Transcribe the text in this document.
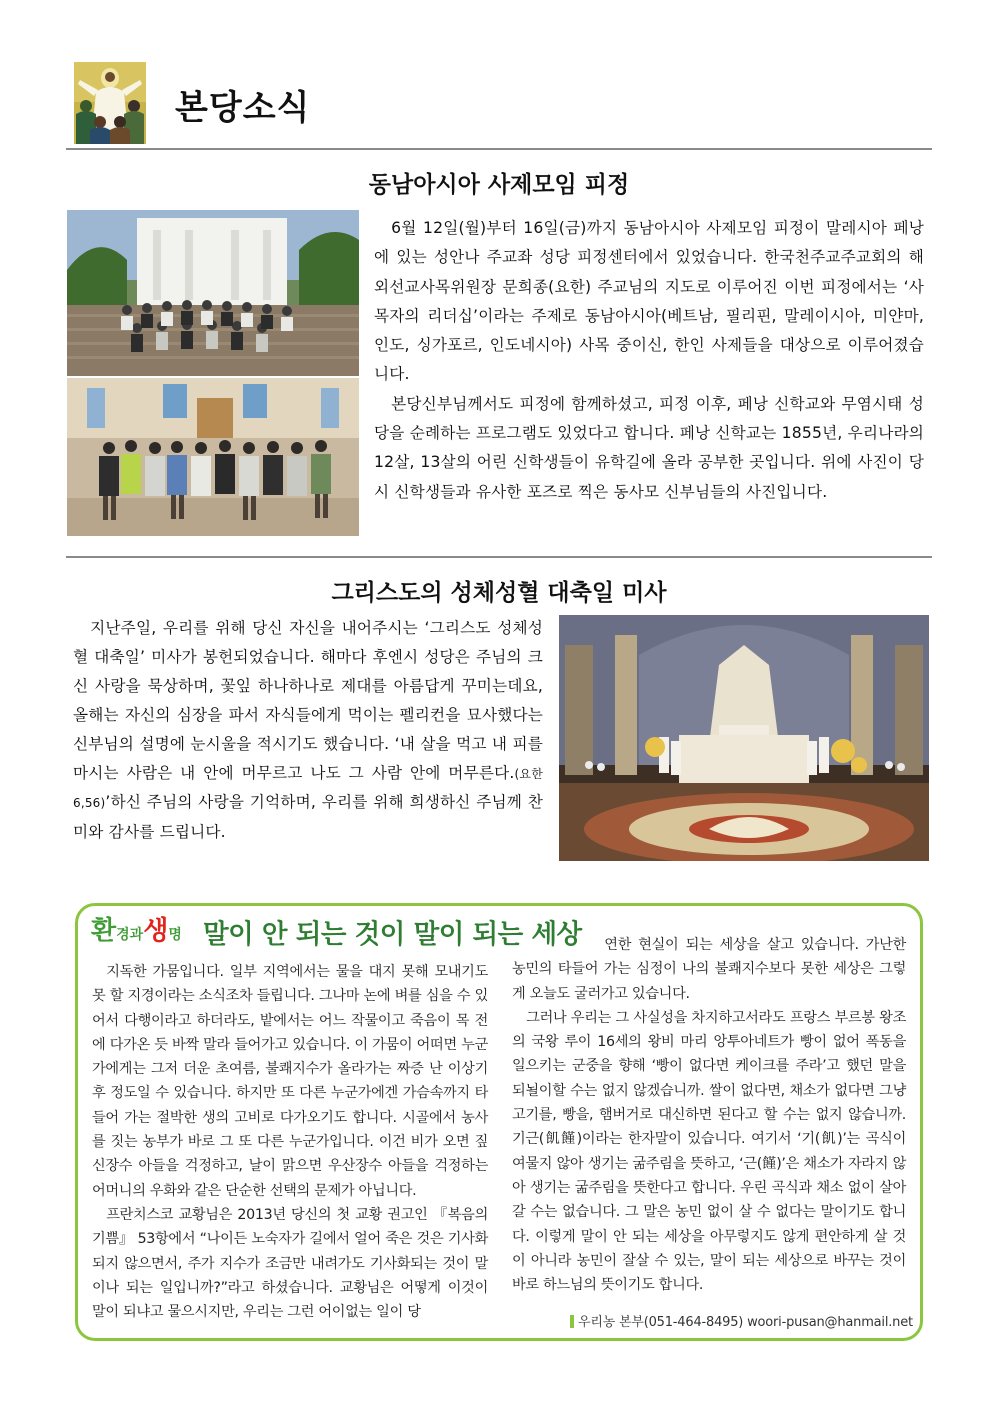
본당소식
동남아시아 사제모임 피정

6월 12일(월)부터 16일(금)까지 동남아시아 사제모임 피정이 말레시아 페낭에 있는 성안나 주교좌 성당 피정센터에서 있었습니다. 한국천주교주교회의 해외선교사목위원장 문희종(요한) 주교님의 지도로 이루어진 이번 피정에서는 ‘사목자의 리더십’이라는 주제로 동남아시아(베트남, 필리핀, 말레이시아, 미얀마, 인도, 싱가포르, 인도네시아) 사목 중이신, 한인 사제들을 대상으로 이루어졌습니다.

본당신부님께서도 피정에 함께하셨고, 피정 이후, 페낭 신학교와 무염시태 성당을 순례하는 프로그램도 있었다고 합니다. 페낭 신학교는 1855년, 우리나라의 12살, 13살의 어린 신학생들이 유학길에 올라 공부한 곳입니다. 위에 사진이 당시 신학생들과 유사한 포즈로 찍은 동사모 신부님들의 사진입니다.

그리스도의 성체성혈 대축일 미사

지난주일, 우리를 위해 당신 자신을 내어주시는 ‘그리스도 성체성혈 대축일’ 미사가 봉헌되었습니다. 해마다 후엔시 성당은 주님의 크신 사랑을 묵상하며, 꽃잎 하나하나로 제대를 아름답게 꾸미는데요, 올해는 자신의 심장을 파서 자식들에게 먹이는 펠리컨을 묘사했다는 신부님의 설명에 눈시울을 적시기도 했습니다. ‘내 살을 먹고 내 피를 마시는 사람은 내 안에 머무르고 나도 그 사람 안에 머무른다.(요한 6,56)’하신 주님의 사랑을 기억하며, 우리를 위해 희생하신 주님께 찬미와 감사를 드립니다.

환경과생명 말이 안 되는 것이 말이 되는 세상

지독한 가뭄입니다. 일부 지역에서는 물을 대지 못해 모내기도 못 할 지경이라는 소식조차 들립니다. 그나마 논에 벼를 심을 수 있어서 다행이라고 하더라도, 밭에서는 어느 작물이고 죽음이 목 전에 다가온 듯 바짝 말라 들어가고 있습니다. 이 가뭄이 어떠면 누군가에게는 그저 더운 초여름, 불쾌지수가 올라가는 짜증 난 이상기후 정도일 수 있습니다. 하지만 또 다른 누군가에겐 가슴속까지 타들어 가는 절박한 생의 고비로 다가오기도 합니다. 시골에서 농사를 짓는 농부가 바로 그 또 다른 누군가입니다. 이건 비가 오면 짚신장수 아들을 걱정하고, 날이 맑으면 우산장수 아들을 걱정하는 어머니의 우화와 같은 단순한 선택의 문제가 아닙니다.

프란치스코 교황님은 2013년 당신의 첫 교황 권고인 『복음의 기쁨』 53항에서 “나이든 노숙자가 길에서 얼어 죽은 것은 기사화되지 않으면서, 주가 지수가 조금만 내려가도 기사화되는 것이 말이나 되는 일입니까?”라고 하셨습니다. 교황님은 어떻게 이것이 말이 되냐고 물으시지만, 우리는 그런 어이없는 일이 당

연한 현실이 되는 세상을 살고 있습니다. 가난한 농민의 타들어 가는 심정이 나의 불쾌지수보다 못한 세상은 그렇게 오늘도 굴러가고 있습니다.

그러나 우리는 그 사실성을 차지하고서라도 프랑스 부르봉 왕조의 국왕 루이 16세의 왕비 마리 앙투아네트가 빵이 없어 폭동을 일으키는 군중을 향해 ‘빵이 없다면 케이크를 주라’고 했던 말을 되뇔이할 수는 없지 않겠습니까. 쌀이 없다면, 채소가 없다면 그냥 고기를, 빵을, 햄버거로 대신하면 된다고 할 수는 없지 않습니까. 기근(飢饉)이라는 한자말이 있습니다. 여기서 ‘기(飢)’는 곡식이 여물지 않아 생기는 굶주림을 뜻하고, ‘근(饉)’은 채소가 자라지 않아 생기는 굶주림을 뜻한다고 합니다. 우린 곡식과 채소 없이 살아갈 수는 없습니다. 그 말은 농민 없이 살 수 없다는 말이기도 합니다. 이렇게 말이 안 되는 세상을 아무렇지도 않게 편안하게 살 것이 아니라 농민이 잘살 수 있는, 말이 되는 세상으로 바꾸는 것이 바로 하느님의 뜻이기도 합니다.

우리농 본부(051-464-8495) woori-pusan@hanmail.net
